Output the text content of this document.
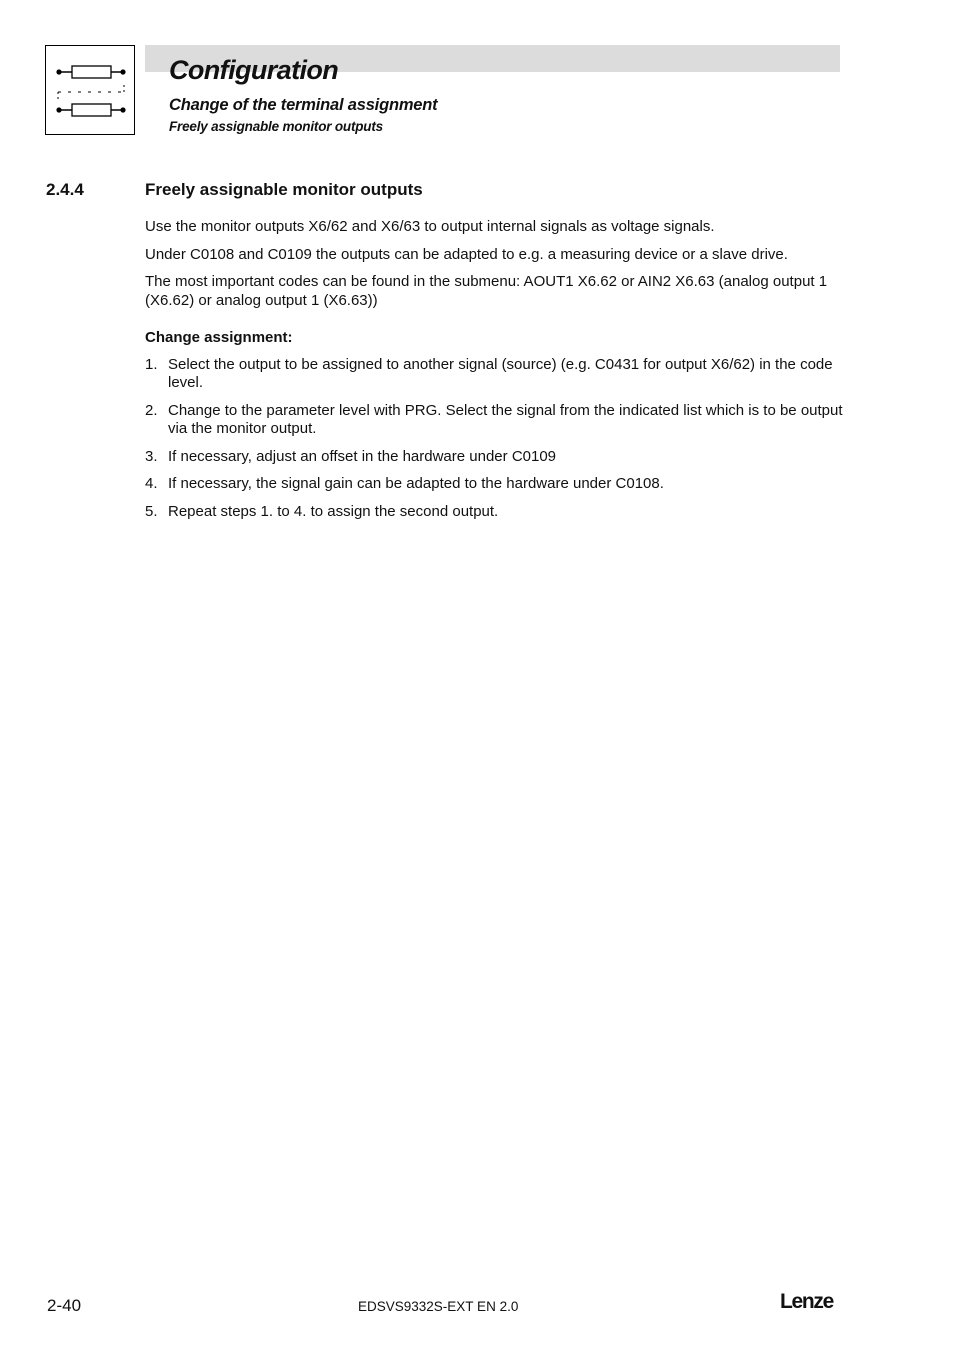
Configuration
Change of the terminal assignment
Freely assignable monitor outputs
2.4.4	Freely assignable monitor outputs

Use the monitor outputs X6/62 and X6/63 to output internal signals as voltage signals.

Under C0108 and C0109 the outputs can be adapted to e.g. a measuring device or a slave drive.

The most important codes can be found in the submenu: AOUT1 X6.62 or AIN2 X6.63 (analog output 1 (X6.62) or analog output 1 (X6.63))

Change assignment:

1. Select the output to be assigned to another signal (source) (e.g. C0431 for output X6/62) in the code level.
2. Change to the parameter level with PRG. Select the signal from the indicated list which is to be output via the monitor output.
3. If necessary, adjust an offset in the hardware under C0109
4. If necessary, the signal gain can be adapted to the hardware under C0108.
5. Repeat steps 1. to 4. to assign the second output.
2-40	EDSVS9332S-EXT EN 2.0	Lenze
